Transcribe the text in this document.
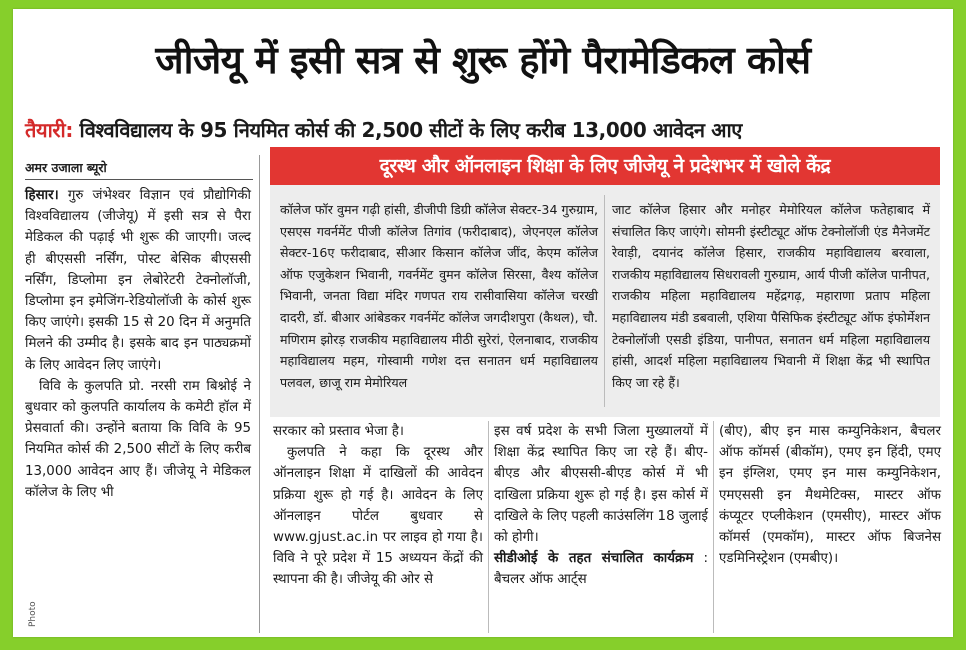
जीजेयू में इसी सत्र से शुरू होंगे पैरामेडिकल कोर्स
तैयारी: विश्वविद्यालय के 95 नियमित कोर्स की 2,500 सीटों के लिए करीब 13,000 आवेदन आए
अमर उजाला ब्यूरो

हिसार। गुरु जंभेश्वर विज्ञान एवं प्रौद्योगिकी विश्वविद्यालय (जीजेयू) में इसी सत्र से पैरा मेडिकल की पढ़ाई भी शुरू की जाएगी। जल्द ही बीएससी नर्सिंग, पोस्ट बेसिक बीएससी नर्सिंग, डिप्लोमा इन लेबोरेटरी टेक्नोलॉजी, डिप्लोमा इन इमेजिंग-रेडियोलॉजी के कोर्स शुरू किए जाएंगे। इसकी 15 से 20 दिन में अनुमति मिलने की उम्मीद है। इसके बाद इन पाठ्यक्रमों के लिए आवेदन लिए जाएंगे।

विवि के कुलपति प्रो. नरसी राम बिश्नोई ने बुधवार को कुलपति कार्यालय के कमेटी हॉल में प्रेसवार्ता की। उन्होंने बताया कि विवि के 95 नियमित कोर्स की 2,500 सीटों के लिए करीब 13,000 आवेदन आए हैं। जीजेयू ने मेडिकल कॉलेज के लिए भी

दूरस्थ और ऑनलाइन शिक्षा के लिए जीजेयू ने प्रदेशभर में खोले केंद्र
कॉलेज फॉर वुमन गढ़ी हांसी, डीजीपी डिग्री कॉलेज सेक्टर-34 गुरुग्राम, एसएस गवर्नमेंट पीजी कॉलेज तिगांव (फरीदाबाद), जेएनएल कॉलेज सेक्टर-16ए फरीदाबाद, सीआर किसान कॉलेज जींद, केएम कॉलेज ऑफ एजुकेशन भिवानी, गवर्नमेंट वुमन कॉलेज सिरसा, वैश्य कॉलेज भिवानी, जनता विद्या मंदिर गणपत राय रासीवासिया कॉलेज चरखी दादरी, डॉ. बीआर आंबेडकर गवर्नमेंट कॉलेज जगदीशपुरा (कैथल), चौ. मणिराम झोरड़ राजकीय महाविद्यालय मीठी सुरेरां, ऐलनाबाद, राजकीय महाविद्यालय महम, गोस्वामी गणेश दत्त सनातन धर्म महाविद्यालय पलवल, छाजू राम मेमोरियल
जाट कॉलेज हिसार और मनोहर मेमोरियल कॉलेज फतेहाबाद में संचालित किए जाएंगे। सोमनी इंस्टीट्यूट ऑफ टेक्नोलॉजी एंड मैनेजमेंट रेवाड़ी, दयानंद कॉलेज हिसार, राजकीय महाविद्यालय बरवाला, राजकीय महाविद्यालय सिधरावली गुरुग्राम, आर्य पीजी कॉलेज पानीपत, राजकीय महिला महाविद्यालय महेंद्रगढ़, महाराणा प्रताप महिला महाविद्यालय मंडी डबवाली, एशिया पैसिफिक इंस्टीट्यूट ऑफ इंफोर्मेशन टेक्नोलॉजी एसडी इंडिया, पानीपत, सनातन धर्म महिला महाविद्यालय हांसी, आदर्श महिला महाविद्यालय भिवानी में शिक्षा केंद्र भी स्थापित किए जा रहे हैं।

सरकार को प्रस्ताव भेजा है।

कुलपति ने कहा कि दूरस्थ और ऑनलाइन शिक्षा में दाखिलों की आवेदन प्रक्रिया शुरू हो गई है। आवेदन के लिए ऑनलाइन पोर्टल बुधवार से www.gjust.ac.in पर लाइव हो गया है। विवि ने पूरे प्रदेश में 15 अध्ययन केंद्रों की स्थापना की है। जीजेयू की ओर से

इस वर्ष प्रदेश के सभी जिला मुख्यालयों में शिक्षा केंद्र स्थापित किए जा रहे हैं। बीए-बीएड और बीएससी-बीएड कोर्स में भी दाखिला प्रक्रिया शुरू हो गई है। इस कोर्स में दाखिले के लिए पहली काउंसलिंग 18 जुलाई को होगी।

सीडीओई के तहत संचालित कार्यक्रम : बैचलर ऑफ आर्ट्स

(बीए), बीए इन मास कम्युनिकेशन, बैचलर ऑफ कॉमर्स (बीकॉम), एमए इन हिंदी, एमए इन इंग्लिश, एमए इन मास कम्युनिकेशन, एमएससी इन मैथमेटिक्स, मास्टर ऑफ कंप्यूटर एप्लीकेशन (एमसीए), मास्टर ऑफ कॉमर्स (एमकॉम), मास्टर ऑफ बिजनेस एडमिनिस्ट्रेशन (एमबीए)।

Photo
